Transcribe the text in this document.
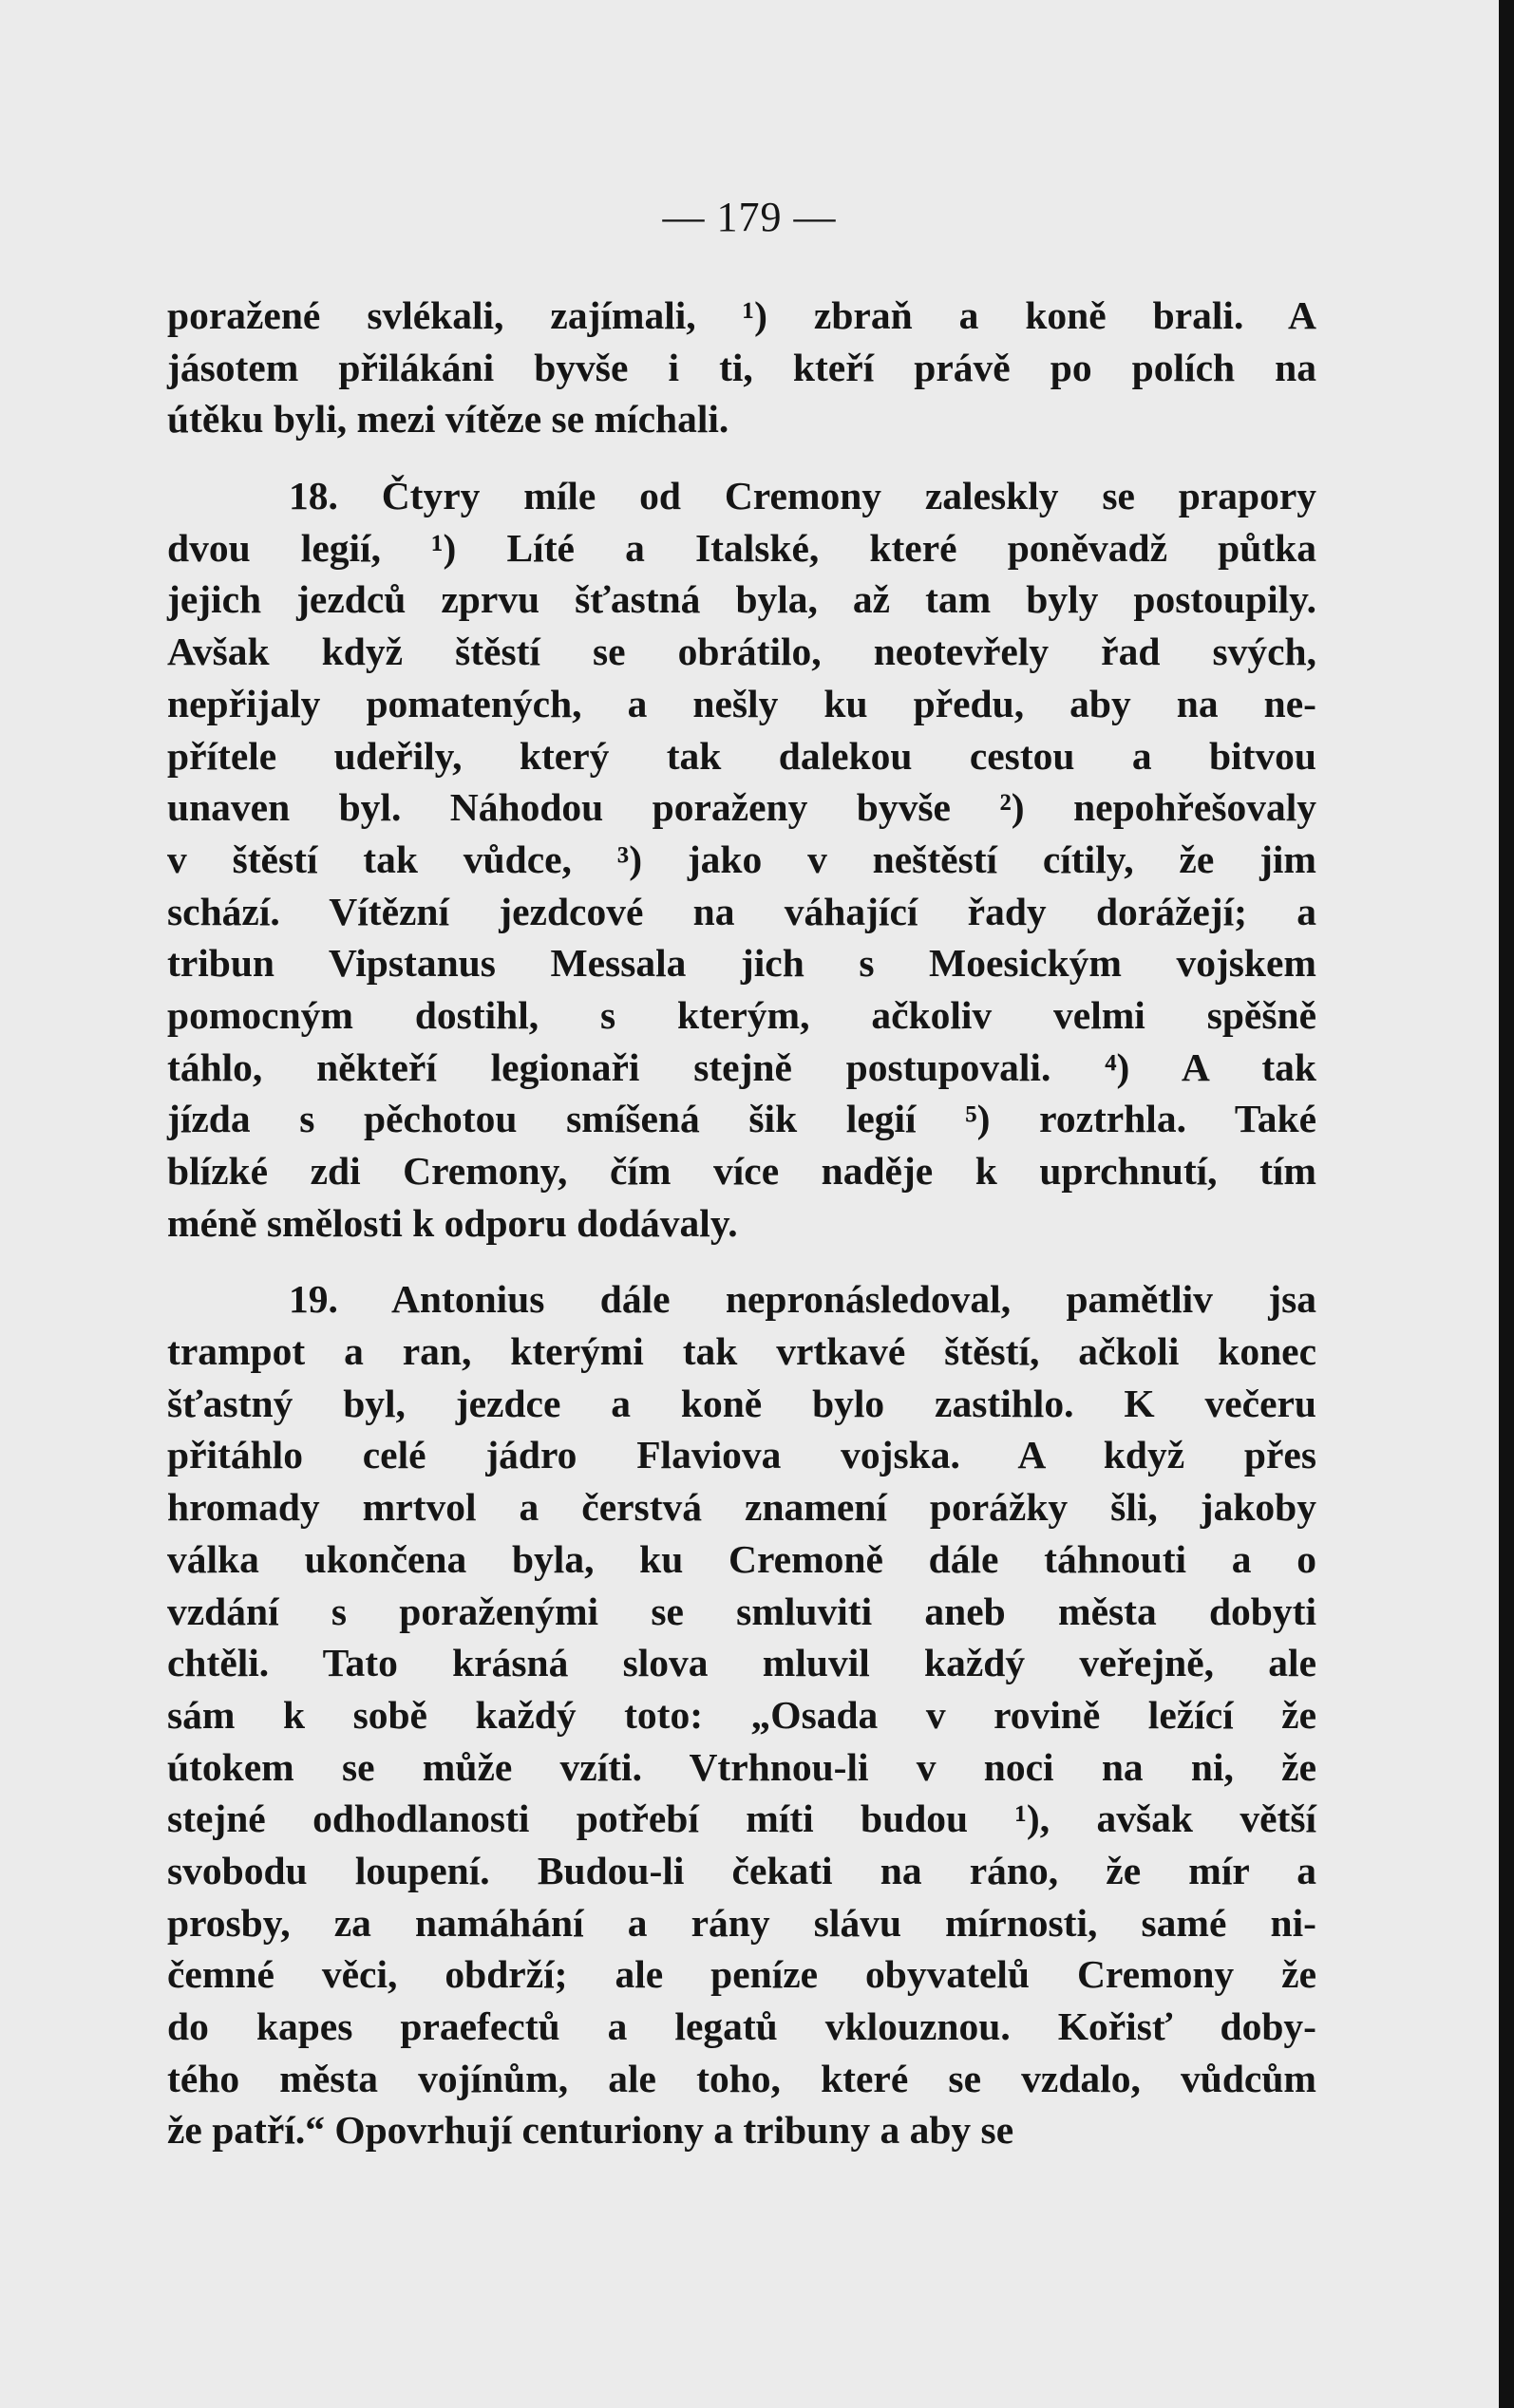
— 179 —
poražené svlékali, zajímali, ¹) zbraň a koně brali. A
jásotem přilákáni byvše i ti, kteří právě po polích na
útěku byli, mezi vítěze se míchali.
18. Čtyry míle od Cremony zaleskly se prapory
dvou legií, ¹) Líté a Italské, které poněvadž půtka
jejich jezdců zprvu šťastná byla, až tam byly postoupily.
Avšak když štěstí se obrátilo, neotevřely řad svých,
nepřijaly pomatených, a nešly ku předu, aby na ne-
přítele udeřily, který tak dalekou cestou a bitvou
unaven byl. Náhodou poraženy byvše ²) nepohřešovaly
v štěstí tak vůdce, ³) jako v neštěstí cítily, že jim
schází. Vítězní jezdcové na váhající řady dorážejí; a
tribun Vipstanus Messala jich s Moesickým vojskem
pomocným dostihl, s kterým, ačkoliv velmi spěšně
táhlo, někteří legionaři stejně postupovali. ⁴) A tak
jízda s pěchotou smíšená šik legií ⁵) roztrhla. Také
blízké zdi Cremony, čím více naděje k uprchnutí, tím
méně smělosti k odporu dodávaly.
19. Antonius dále nepronásledoval, pamětliv jsa
trampot a ran, kterými tak vrtkavé štěstí, ačkoli konec
šťastný byl, jezdce a koně bylo zastihlo. K večeru
přitáhlo celé jádro Flaviova vojska. A když přes
hromady mrtvol a čerstvá znamení porážky šli, jakoby
válka ukončena byla, ku Cremoně dále táhnouti a o
vzdání s poraženými se smluviti aneb města dobyti
chtěli. Tato krásná slova mluvil každý veřejně, ale
sám k sobě každý toto: „Osada v rovině ležící že
útokem se může vzíti. Vtrhnou-li v noci na ni, že
stejné odhodlanosti potřebí míti budou ¹), avšak větší
svobodu loupení. Budou-li čekati na ráno, že mír a
prosby, za namáhání a rány slávu mírnosti, samé ni-
čemné věci, obdrží; ale peníze obyvatelů Cremony že
do kapes praefectů a legatů vklouznou. Kořisť doby-
tého města vojínům, ale toho, které se vzdalo, vůdcům
že patří.“ Opovrhují centuriony a tribuny a aby se
